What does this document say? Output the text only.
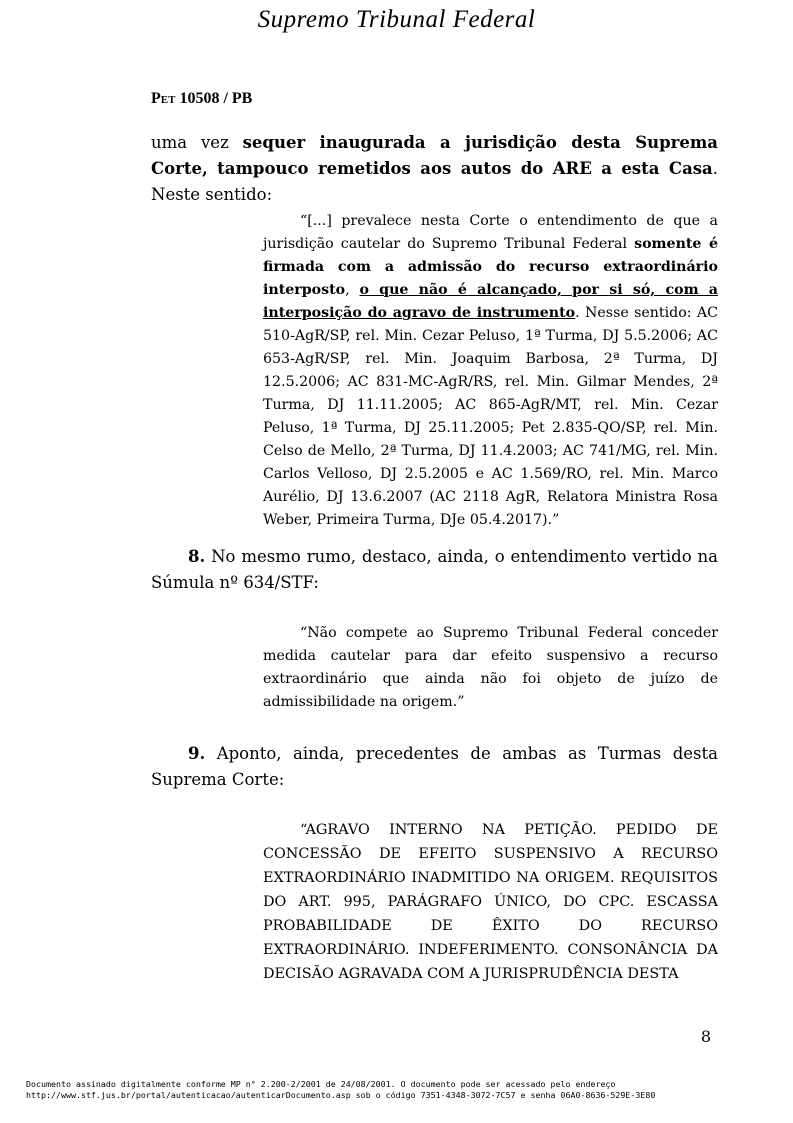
Supremo Tribunal Federal
Pet 10508 / PB
uma vez sequer inaugurada a jurisdição desta Suprema Corte, tampouco remetidos aos autos do ARE a esta Casa. Neste sentido:
“[...] prevalece nesta Corte o entendimento de que a jurisdição cautelar do Supremo Tribunal Federal somente é firmada com a admissão do recurso extraordinário interposto, o que não é alcançado, por si só, com a interposição do agravo de instrumento. Nesse sentido: AC 510-AgR/SP, rel. Min. Cezar Peluso, 1ª Turma, DJ 5.5.2006; AC 653-AgR/SP, rel. Min. Joaquim Barbosa, 2ª Turma, DJ 12.5.2006; AC 831-MC-AgR/RS, rel. Min. Gilmar Mendes, 2ª Turma, DJ 11.11.2005; AC 865-AgR/MT, rel. Min. Cezar Peluso, 1ª Turma, DJ 25.11.2005; Pet 2.835-QO/SP, rel. Min. Celso de Mello, 2ª Turma, DJ 11.4.2003; AC 741/MG, rel. Min. Carlos Velloso, DJ 2.5.2005 e AC 1.569/RO, rel. Min. Marco Aurélio, DJ 13.6.2007 (AC 2118 AgR, Relatora Ministra Rosa Weber, Primeira Turma, DJe 05.4.2017).”
8. No mesmo rumo, destaco, ainda, o entendimento vertido na Súmula nº 634/STF:
“Não compete ao Supremo Tribunal Federal conceder medida cautelar para dar efeito suspensivo a recurso extraordinário que ainda não foi objeto de juízo de admissibilidade na origem.”
9. Aponto, ainda, precedentes de ambas as Turmas desta Suprema Corte:
“AGRAVO INTERNO NA PETIÇÃO. PEDIDO DE CONCESSÃO DE EFEITO SUSPENSIVO A RECURSO EXTRAORDINÁRIO INADMITIDO NA ORIGEM. REQUISITOS DO ART. 995, PARÁGRAFO ÚNICO, DO CPC. ESCASSA PROBABILIDADE DE ÊXITO DO RECURSO EXTRAORDINÁRIO. INDEFERIMENTO. CONSONÂNCIA DA DECISÃO AGRAVADA COM A JURISPRUDÊNCIA DESTA
8
Documento assinado digitalmente conforme MP n° 2.200-2/2001 de 24/08/2001. O documento pode ser acessado pelo endereço
http://www.stf.jus.br/portal/autenticacao/autenticarDocumento.asp sob o código 7351-4348-3072-7C57 e senha 06A0-8636-529E-3E80
